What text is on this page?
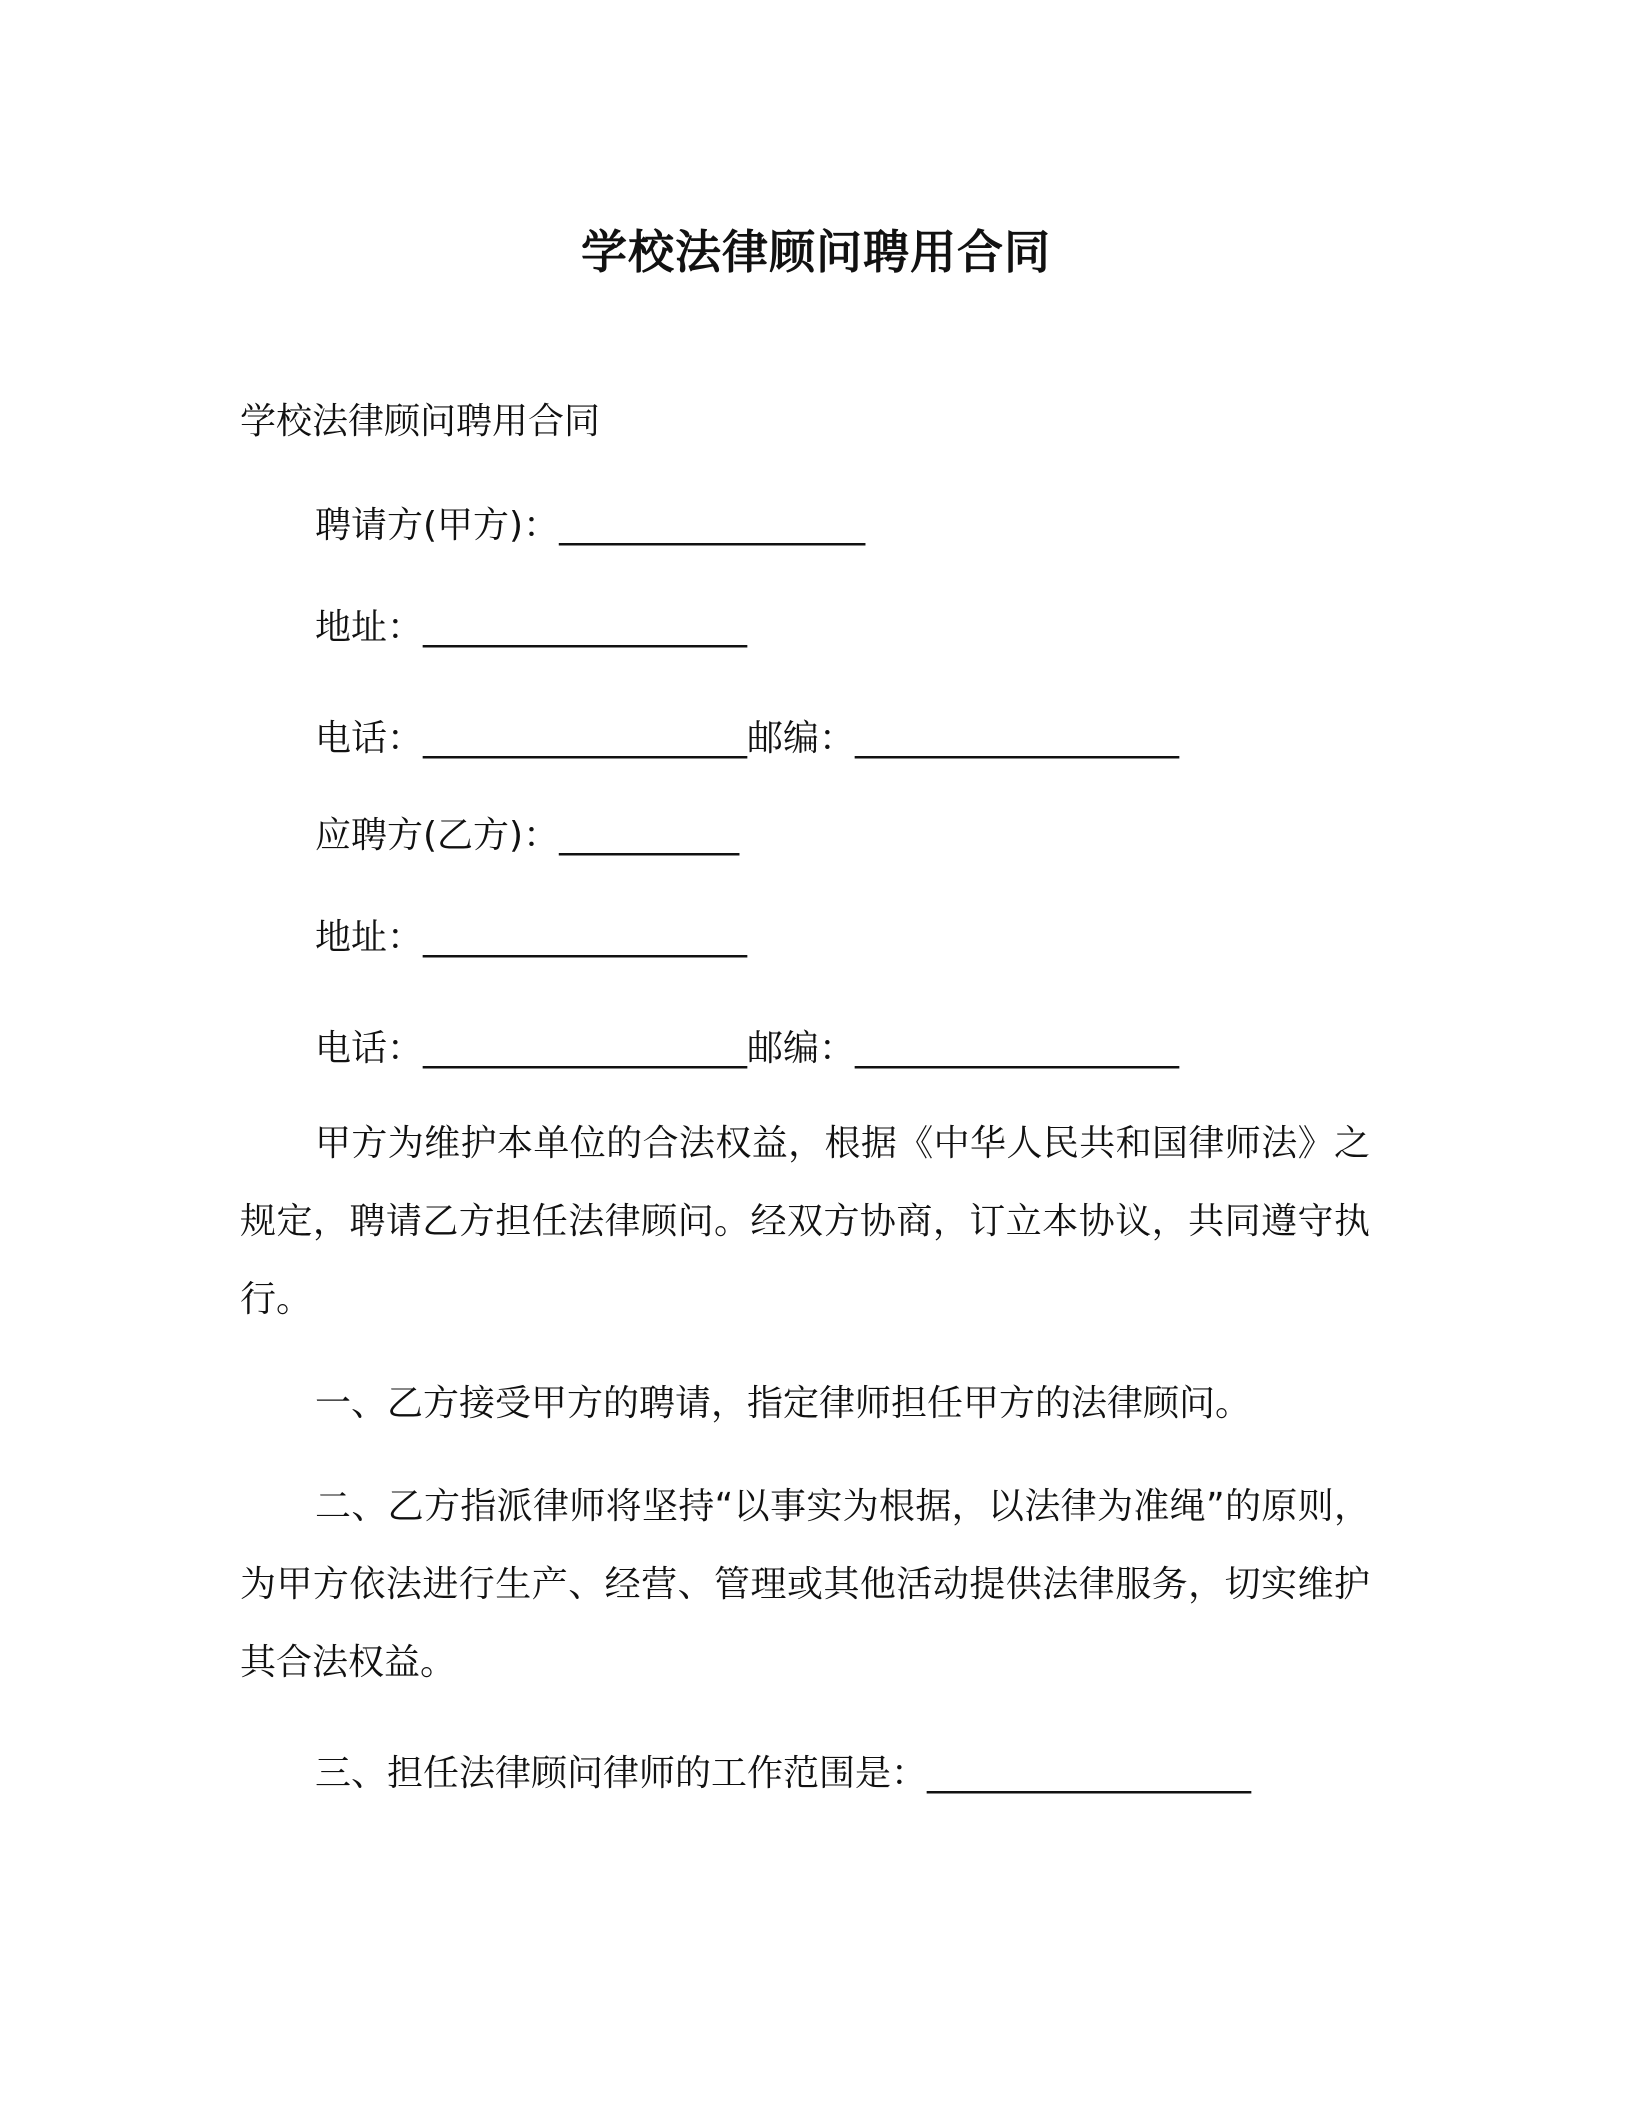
学校法律顾问聘用合同
学校法律顾问聘用合同
聘请方(甲方)：_________________
地址：__________________
电话：__________________邮编：__________________
应聘方(乙方)：__________
地址：__________________
电话：__________________邮编：__________________
甲方为维护本单位的合法权益，根据《中华人民共和国律师法》之规定，聘请乙方担任法律顾问。经双方协商，订立本协议，共同遵守执行。
一、乙方接受甲方的聘请，指定律师担任甲方的法律顾问。
二、乙方指派律师将坚持“以事实为根据，以法律为准绳”的原则，为甲方依法进行生产、经营、管理或其他活动提供法律服务，切实维护其合法权益。
三、担任法律顾问律师的工作范围是：__________________
